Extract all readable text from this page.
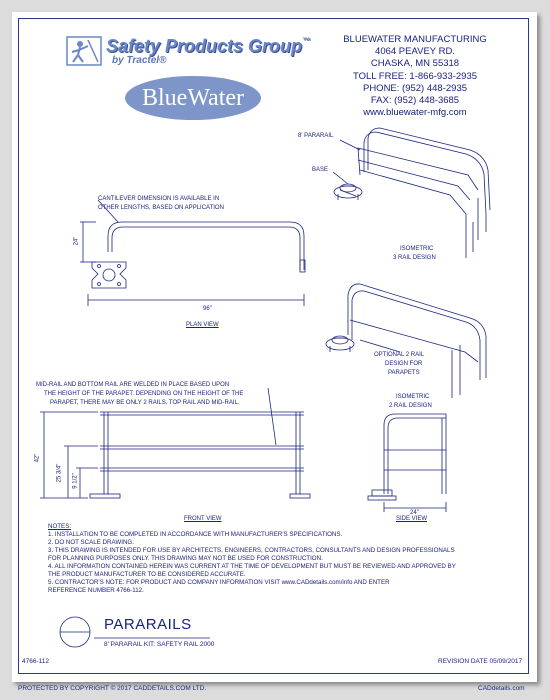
Safety Products Group™
by Tractel®
BlueWater
BLUEWATER MANUFACTURING
4064 PEAVEY RD.
CHASKA, MN 55318
TOLL FREE: 1-866-933-2935
PHONE: (952) 448-2935
FAX: (952) 448-3685
www.bluewater-mfg.com
8' PARARAIL
BASE
CANTILEVER DIMENSION IS AVAILABLE IN
OTHER LENGTHS, BASED ON APPLICATION
24"
96"
PLAN VIEW
ISOMETRIC
3 RAIL DESIGN
OPTIONAL 2 RAIL
DESIGN FOR
PARAPETS
ISOMETRIC
2 RAIL DESIGN
MID-RAIL AND BOTTOM RAIL ARE WELDED IN PLACE BASED UPON
THE HEIGHT OF THE PARAPET. DEPENDING ON THE HEIGHT OF THE
PARAPET, THERE MAY BE ONLY 2 RAILS, TOP RAIL AND MID-RAIL.
42"
25 3/4" 9 1/2"
FRONT VIEW
24"
SIDE VIEW
NOTES:
1. INSTALLATION TO BE COMPLETED IN ACCORDANCE WITH MANUFACTURER'S SPECIFICATIONS.
2. DO NOT SCALE DRAWING.
3. THIS DRAWING IS INTENDED FOR USE BY ARCHITECTS, ENGINEERS, CONTRACTORS, CONSULTANTS AND DESIGN PROFESSIONALS
FOR PLANNING PURPOSES ONLY. THIS DRAWING MAY NOT BE USED FOR CONSTRUCTION.
4. ALL INFORMATION CONTAINED HEREIN WAS CURRENT AT THE TIME OF DEVELOPMENT BUT MUST BE REVIEWED AND APPROVED BY
THE PRODUCT MANUFACTURER TO BE CONSIDERED ACCURATE.
5. CONTRACTOR'S NOTE: FOR PRODUCT AND COMPANY INFORMATION VISIT www.CADdetails.com/info AND ENTER
REFERENCE NUMBER 4766-112.
PARARAILS
8' PARARAIL KIT: SAFETY RAIL 2000
4766-112	REVISION DATE 05/09/2017
PROTECTED BY COPYRIGHT © 2017 CADDETAILS.COM LTD.	CADdetails.com
